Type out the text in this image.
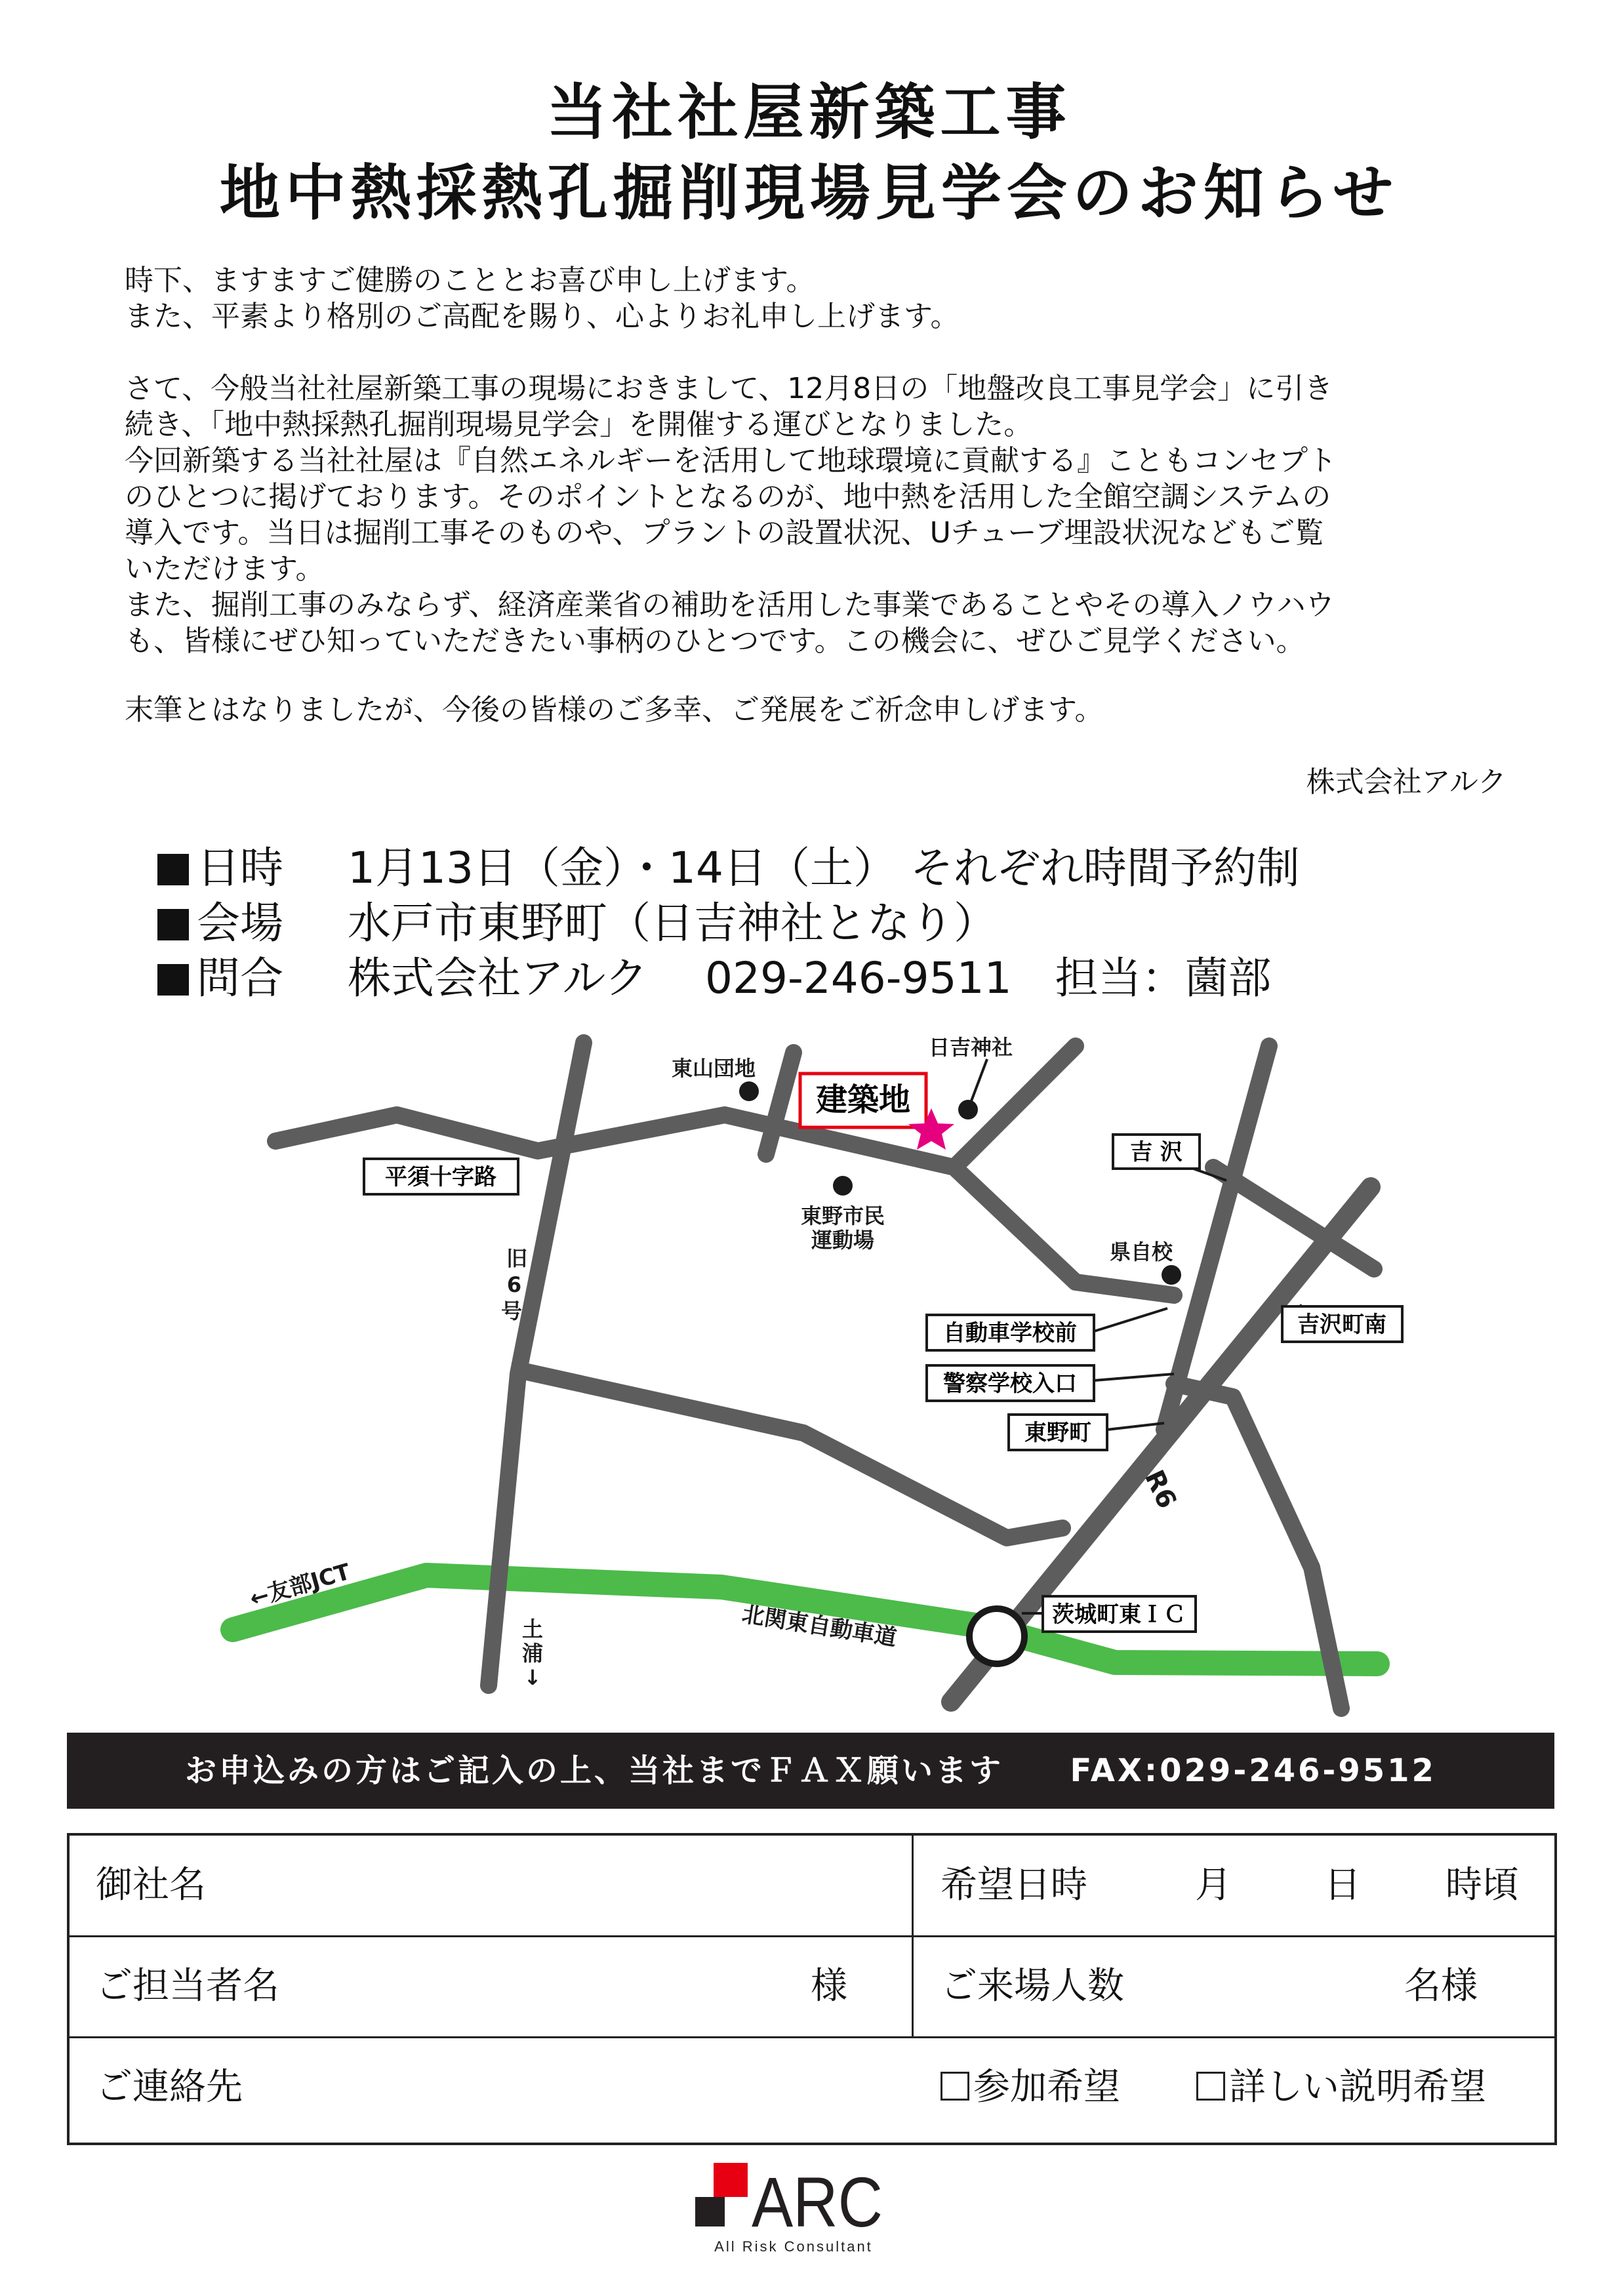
当社社屋新築工事
地中熱採熱孔掘削現場見学会のお知らせ
時下、ますますご健勝のこととお喜び申し上げます。
また、平素より格別のご高配を賜り、心よりお礼申し上げます。
さて、今般当社社屋新築工事の現場におきまして、12月8日の「地盤改良工事見学会」に引き
続き、「地中熱採熱孔掘削現場見学会」を開催する運びとなりました。
今回新築する当社社屋は『自然エネルギーを活用して地球環境に貢献する』こともコンセプト
のひとつに掲げております。そのポイントとなるのが、地中熱を活用した全館空調システムの
導入です。当日は掘削工事そのものや、プラントの設置状況、Uチューブ埋設状況などもご覧
いただけます。
また、掘削工事のみならず、経済産業省の補助を活用した事業であることやその導入ノウハウ
も、皆様にぜひ知っていただきたい事柄のひとつです。この機会に、ぜひご見学ください。
末筆とはなりましたが、今後の皆様のご多幸、ご発展をご祈念申しげます。
株式会社アルク
日時 1月13日（金）・14日（土） それぞれ時間予約制
会場 水戸市東野町（日吉神社となり）
問合 株式会社アルク　 029-246-9511　担当：薗部
建築地
平須十字路
吉 沢
自動車学校前
警察学校入口
東野町
吉沢町南
茨城町東ＩＣ
東山団地
日吉神社
東野市民
運動場	県自校
旧
6
号
R6
←友部JCT
土
浦
↓
北関東自動車道
お申込みの方はご記入の上、当社までＦＡＸ願います FAX:029-246-9512
御社名	希望日時	月	日 時頃
ご担当者名	様	ご来場人数	名様
ご連絡先	参加希望	詳しい説明希望
ARC
All Risk Consultant
